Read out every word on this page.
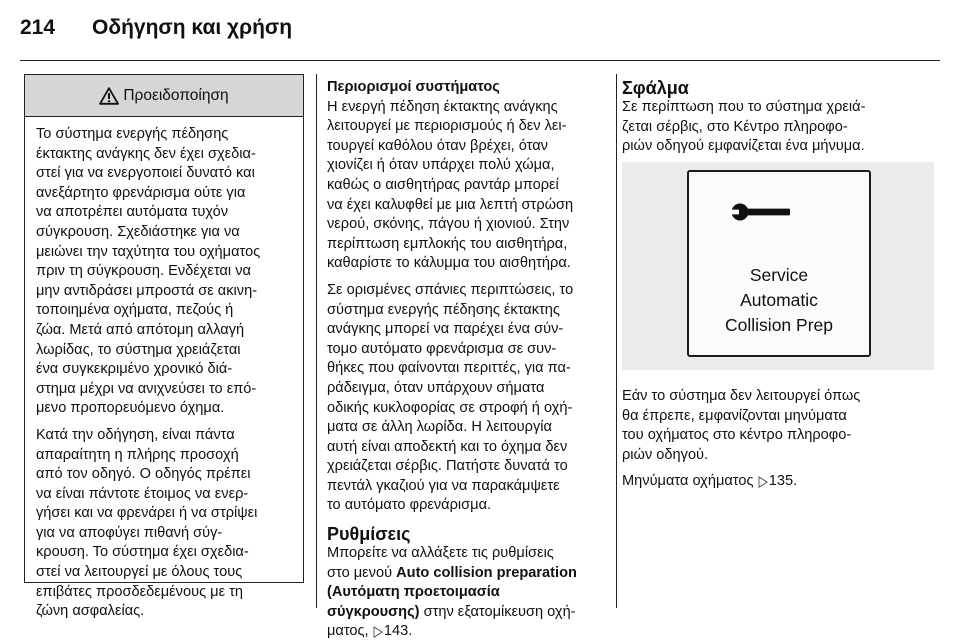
214 Οδήγηση και χρήση
Προειδοποίηση
Το σύστημα ενεργής πέδησης
έκτακτης ανάγκης δεν έχει σχεδια-
στεί για να ενεργοποιεί δυνατό και
ανεξάρτητο φρενάρισμα ούτε για
να αποτρέπει αυτόματα τυχόν
σύγκρουση. Σχεδιάστηκε για να
μειώνει την ταχύτητα του οχήματος
πριν τη σύγκρουση. Ενδέχεται να
μην αντιδράσει μπροστά σε ακινη-
τοποιημένα οχήματα, πεζούς ή
ζώα. Μετά από απότομη αλλαγή
λωρίδας, το σύστημα χρειάζεται
ένα συγκεκριμένο χρονικό διά-
στημα μέχρι να ανιχνεύσει το επό-
μενο προπορευόμενο όχημα.
Κατά την οδήγηση, είναι πάντα
απαραίτητη η πλήρης προσοχή
από τον οδηγό. Ο οδηγός πρέπει
να είναι πάντοτε έτοιμος να ενερ-
γήσει και να φρενάρει ή να στρίψει
για να αποφύγει πιθανή σύγ-
κρουση. Το σύστημα έχει σχεδια-
στεί να λειτουργεί με όλους τους
επιβάτες προσδεδεμένους με τη
ζώνη ασφαλείας.
Περιορισμοί συστήματος
Η ενεργή πέδηση έκτακτης ανάγκης
λειτουργεί με περιορισμούς ή δεν λει-
τουργεί καθόλου όταν βρέχει, όταν
χιονίζει ή όταν υπάρχει πολύ χώμα,
καθώς ο αισθητήρας ραντάρ μπορεί
να έχει καλυφθεί με μια λεπτή στρώση
νερού, σκόνης, πάγου ή χιονιού. Στην
περίπτωση εμπλοκής του αισθητήρα,
καθαρίστε το κάλυμμα του αισθητήρα.
Σε ορισμένες σπάνιες περιπτώσεις, το
σύστημα ενεργής πέδησης έκτακτης
ανάγκης μπορεί να παρέχει ένα σύν-
τομο αυτόματο φρενάρισμα σε συν-
θήκες που φαίνονται περιττές, για πα-
ράδειγμα, όταν υπάρχουν σήματα
οδικής κυκλοφορίας σε στροφή ή οχή-
ματα σε άλλη λωρίδα. Η λειτουργία
αυτή είναι αποδεκτή και το όχημα δεν
χρειάζεται σέρβις. Πατήστε δυνατά το
πεντάλ γκαζιού για να παρακάμψετε
το αυτόματο φρενάρισμα.
Ρυθμίσεις
Μπορείτε να αλλάξετε τις ρυθμίσεις
στο μενού Auto collision preparation
(Αυτόματη προετοιμασία
σύγκρουσης) στην εξατομίκευση οχή-
ματος, ▷143.
Σφάλμα
Σε περίπτωση που το σύστημα χρειά-
ζεται σέρβις, στο Κέντρο πληροφο-
ριών οδηγού εμφανίζεται ένα μήνυμα.
Service
Automatic
Collision Prep
Εάν το σύστημα δεν λειτουργεί όπως
θα έπρεπε, εμφανίζονται μηνύματα
του οχήματος στο κέντρο πληροφο-
ριών οδηγού.
Μηνύματα οχήματος ▷135.
